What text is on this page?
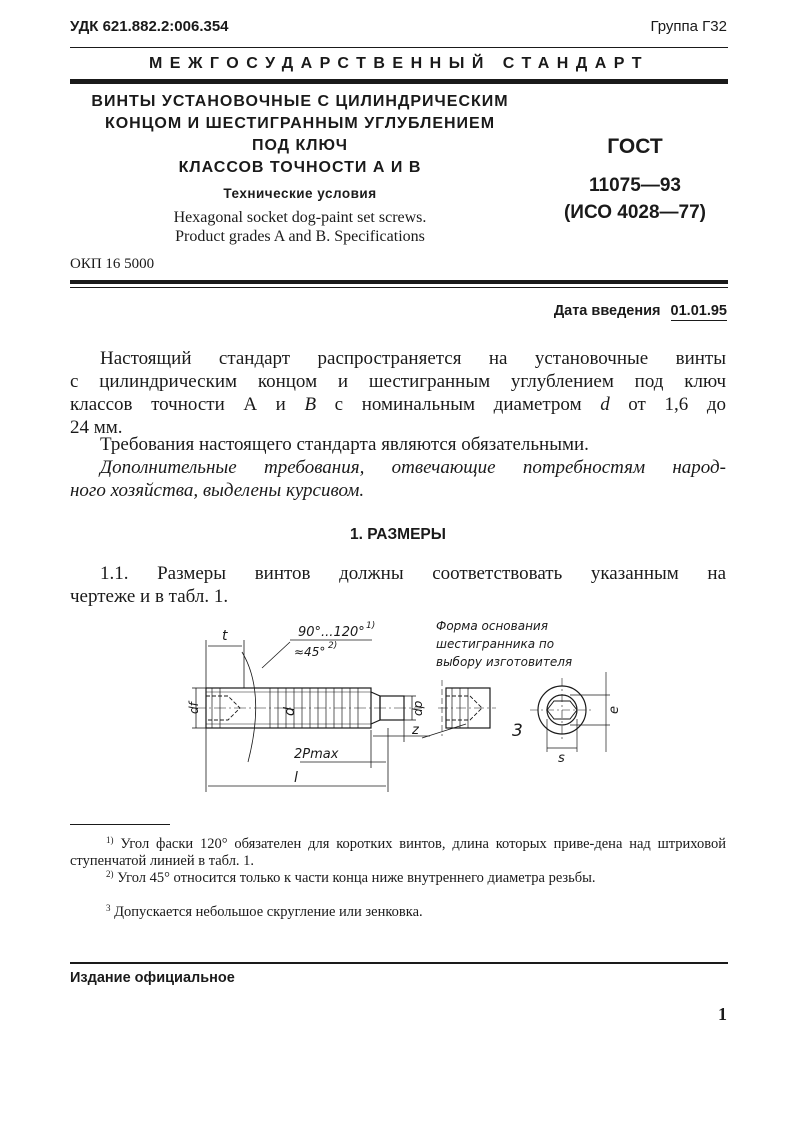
УДК 621.882.2:006.354	Группа Г32
МЕЖГОСУДАРСТВЕННЫЙ СТАНДАРТ
ВИНТЫ УСТАНОВОЧНЫЕ С ЦИЛИНДРИЧЕСКИМ
КОНЦОМ И ШЕСТИГРАННЫМ УГЛУБЛЕНИЕМ
ПОД КЛЮЧ
КЛАССОВ ТОЧНОСТИ А И В
Технические условия
Hexagonal socket dog-paint set screws.
Product grades A and B. Specifications
ОКП 16 5000
ГОСТ
11075—93
(ИСО 4028—77)
Дата введения 01.01.95
Настоящий стандарт распространяется на установочные винты
с цилиндрическим концом и шестигранным углублением под ключ
классов точности А и B с номинальным диаметром d от 1,6 до
24 мм.
Требования настоящего стандарта являются обязательными.
Дополнительные требования, отвечающие потребностям народ-
ного хозяйства, выделены курсивом.
1. РАЗМЕРЫ
1.1. Размеры винтов должны соответствовать указанным на
чертеже и в табл. 1.
90°...120° 1)
≈45° 2)
t
df	d	dp
z
2Pmax
l
e
s
3
Форма основания
шестигранника по
выбору изготовителя
$^{1)}$ Угол фаски 120° обязателен для коротких винтов, длина которых приве-дена над штриховой ступенчатой линией в табл. 1.
$^{2)}$ Угол 45° относится только к части конца ниже внутреннего диаметра резьбы.
$^3$ Допускается небольшое скругление или зенковка.
Издание официальное
1
